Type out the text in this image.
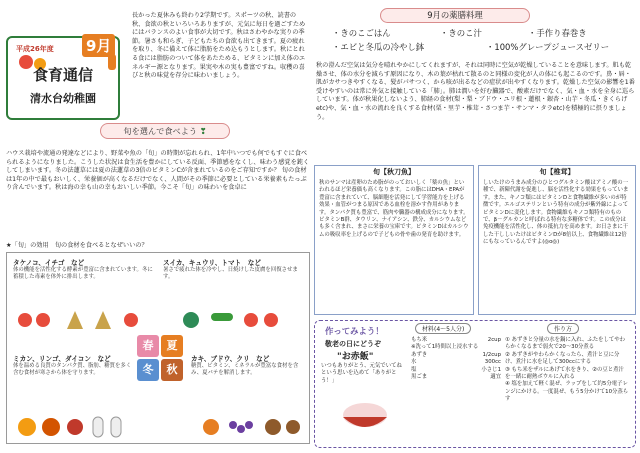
平成26年度 9月
食育通信
清水台幼稚園
長かった夏休みも終わり2学期です。スポーツの秋、読書の秋、食欲の秋といろいろありますが、元気に毎日を過ごすためにはバランスのよい食事が大切です。秋はさわやかな実りの季節。暑さも和らぎ、子どもたちの食欲も出てきます。夏の疲れを取り、冬に備えて体に脂肪をため込もうとします。秋にとれる食には脂肪のついて体をあたためる、ビタミンに加え体のエネルギー源となります。果実や木の実も豊富ですね。収穫の喜びと秋の味覚を存分に味わいましょう。
旬を選んで食べよう ❣
ハウス栽培や流通の発達などにより、野菜や魚の「旬」の時期が忘れられ、1年中いつでも何でもすぐに食べられるようになりました。こうした状況は食生活を豊かにしている反面、季節感をなくし、味わう感覚を鈍くしてしまいます。冬の法蓮草には夏の法蓮草の3倍のビタミンCが含まれているのをご存知ですか？ 旬の食材は1年の中で最もおいしく、栄養価が高くなるだけでなく、人間がその季節に必要としている栄養素もたっぷり含んでいます。秋は海の幸も山の幸もおいしい季節。今こそ「旬」の味わいを食卓に
★「旬」の効用　旬の食材を食べるとなぜいいの？
タケノコ、イチゴ　など
体の機能を活性化する酵素が豊富に含まれています。冬に蓄積した毒素を体外に排出します。
スイカ、キュウリ、トマト　など
暑さで疲れた体を冷やし、日焼けした皮膚を回復させます。
春	夏
冬	秋
ミカン、リンゴ、ダイコン　など
体を温める良質のタンパク質、脂肪、糖質を多く含む食材が寒さから体を守ります。
カキ、ブドウ、クリ　など
糖質、ビタミン、ミネラルが豊富な食材を含み、夏バテを解消します。
9月の薬膳料理
・きのこごはん	・きのこ汁	・手作り春巻き
・エビと冬瓜の冷やし鉢	・100%グレープジュースゼリー
秋の澄んだ空気は気分を晴れやかにしてくれますが、それは同時に空気が乾燥していることを意味します。肌も乾燥させ、体の水分を減らす原因になり、木の葉が枯れて散るのと同様の変化が人の体にも起こるのです。鼻・唇・肌がカサつきやすくなる、髪がパサつく、から咳が出るなどの症状が出やすくなります。乾燥した空気の影響を1番受けやすいのは常に外気と接触している「肺」。肺は潤いを好む臓器で、酸素だけでなく、気・血・水を全身に巡らしています。体が秋果化しないよう、肺経の食材(梨・梨・ブドウ・ユリ根・蓮根・銀杏・山芋・冬瓜・きくらげetc)や、気・血・水の流れを良くする食材(栗・里芋・椎茸・さつま芋・サンマ・タラetc)を積極的に摂りましょう。
旬【秋刀魚】
秋のサンマは産卵のため脂がのっておいしく「薬の魚」といわれるほど栄養価も高くなります。この脂にはDHA・EPAが豊富に含まれていて、脳細胞を活発にして学習能力を上げる効果・血管がつまる原因である血栓を溶かす作用があります。タンパク質も豊富で、筋肉や臓器の構成成分になります。ビタミンB群、タウリン、ナイアシン、鉄分、カルシウムなども多く含まれ、まさに栄養の宝庫です。ビタミンDはカルシウムの吸収率を上げるので子どもの骨や歯の発育を助けます。
旬【椎茸】
しいたけのうまみ成分のひとつグルタミン酸はアミノ酸の一種で、新陳代謝を促進し、脳を活性化する効果をもっています。また、キノコ類にはビタミンDと食物繊維が多いのが特徴です。エルゴステリンという特有の成分が紫外線によってビタミンDに変化します。食物繊維もキノコ類特有のもので、β－グルカンと呼ばれる特有な多糖体です。この成分は免疫機能を活性化し、体の抵抗力を高めます。お日さまに干した干ししいたけはビタミンDが8倍以上、食物繊維は12倍にもなっているんですよ(◎o◎)
作ってみよう！
敬老の日にどうぞ
"お赤飯"
いつもありがとう、元気でいてねという思いを込めて「ありがとう！」
材料(4〜5人分)	作り方
もち米	2cup
※洗って1時間以上浸水する
あずき	1/2cup
水	300cc
塩	小さじ1
黒ごま	適宜
① あずきと分量の水を鍋に入れ、ふたをしてやわらかくなるまで弱火で20〜30分煮る
② あずきがやわらかくなったら、煮汁と豆に分け、煮汁に水を足して300ccにする
③ もち米をザルにあげて水をきり、②の豆と煮汁を一緒に耐熱ボウルに入れる
④ 塩を加えて軽く混ぜ、ラップをして約5分電子レンジにかける。一度混ぜ、もう5分かけて10分蒸らす
